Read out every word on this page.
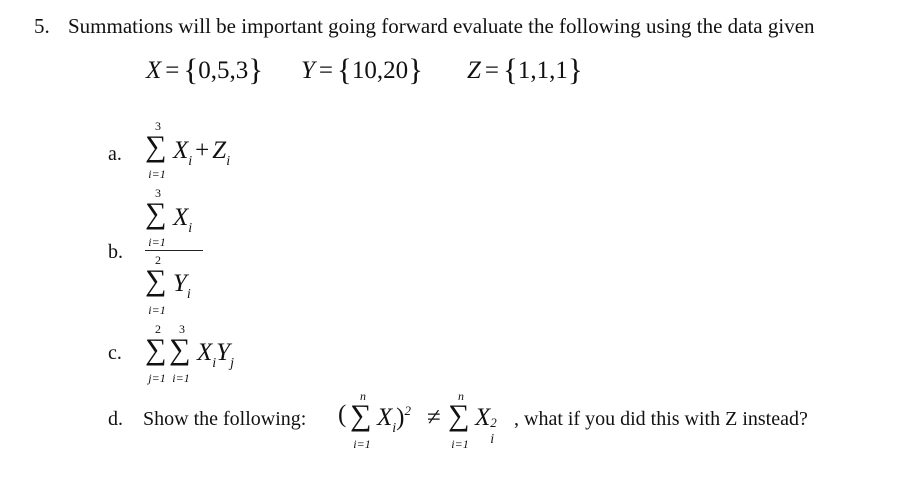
5. Summations will be important going forward evaluate the following using the data given
X = {0,5,3} Y = {10,20} Z = {1,1,1}
a.
3
∑
i=1
$X_i + Z_i$
b.
3
∑
i=1
$X_i$
2
∑
i=1
$Y_i$
c.
2
∑
j=1
3
∑
i=1
$X_iY_j$
d. Show the following: (
n
∑
i=1
$X_i)^2$ ≠
n
∑
i=1
X 2
i
, what if you did this with Z instead?
